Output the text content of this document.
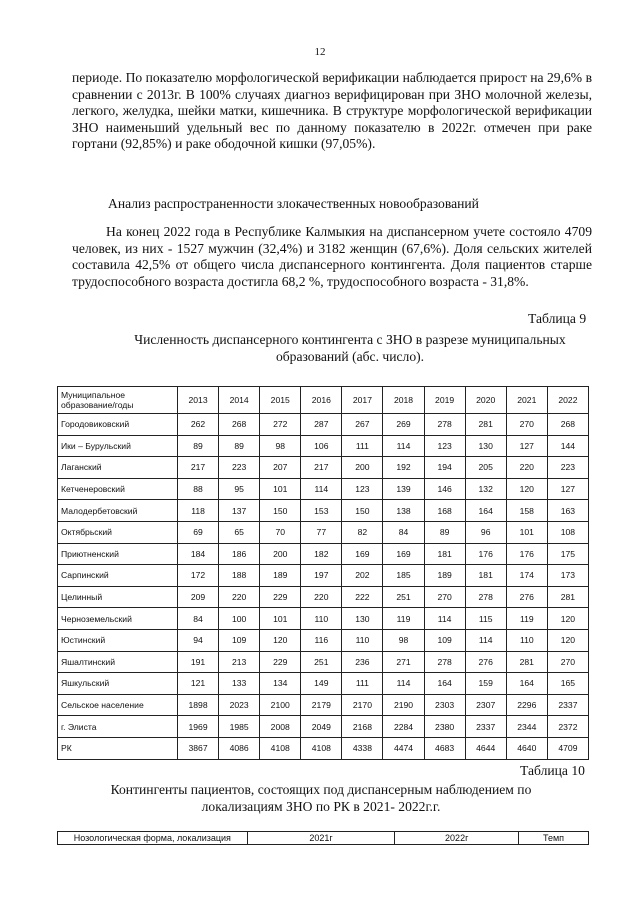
12

периоде. По показателю морфологической верификации наблюдается прирост на 29,6% в сравнении с 2013г. В 100% случаях диагноз верифицирован при ЗНО молочной железы, легкого, желудка, шейки матки, кишечника. В структуре морфологической верификации ЗНО наименьший удельный вес по данному показателю в 2022г. отмечен при раке гортани (92,85%) и раке ободочной кишки (97,05%).

Анализ распространенности злокачественных новообразований

На конец 2022 года в Республике Калмыкия на диспансерном учете состояло 4709 человек, из них - 1527 мужчин (32,4%) и 3182 женщин (67,6%). Доля сельских жителей составила 42,5% от общего числа диспансерного контингента. Доля пациентов старше трудоспособного возраста достигла 68,2 %, трудоспособного возраста - 31,8%.

Таблица 9
Численность диспансерного контингента с ЗНО в разрезе муниципальных образований (абс. число).
Муниципальное образование/годы	2013	2014	2015	2016	2017	2018	2019	2020	2021	2022
Городовиковский	262	268	272	287	267	269	278	281	270	268
Ики – Бурульский	89	89	98	106	111	114	123	130	127	144
Лаганский	217	223	207	217	200	192	194	205	220	223
Кетченеровский	88	95	101	114	123	139	146	132	120	127
Малодербетовский	118	137	150	153	150	138	168	164	158	163
Октябрьский	69	65	70	77	82	84	89	96	101	108
Приютненский	184	186	200	182	169	169	181	176	176	175
Сарпинский	172	188	189	197	202	185	189	181	174	173
Целинный	209	220	229	220	222	251	270	278	276	281
Черноземельский	84	100	101	110	130	119	114	115	119	120
Юстинский	94	109	120	116	110	98	109	114	110	120
Яшалтинский	191	213	229	251	236	271	278	276	281	270
Яшкульский	121	133	134	149	111	114	164	159	164	165
Сельское население	1898	2023	2100	2179	2170	2190	2303	2307	2296	2337
г. Элиста	1969	1985	2008	2049	2168	2284	2380	2337	2344	2372
РК	3867	4086	4108	4108	4338	4474	4683	4644	4640	4709
Таблица 10
Контингенты пациентов, состоящих под диспансерным наблюдением по локализациям ЗНО по РК в 2021- 2022г.г.
Нозологическая форма, локализация	2021г	2022г	Темп
